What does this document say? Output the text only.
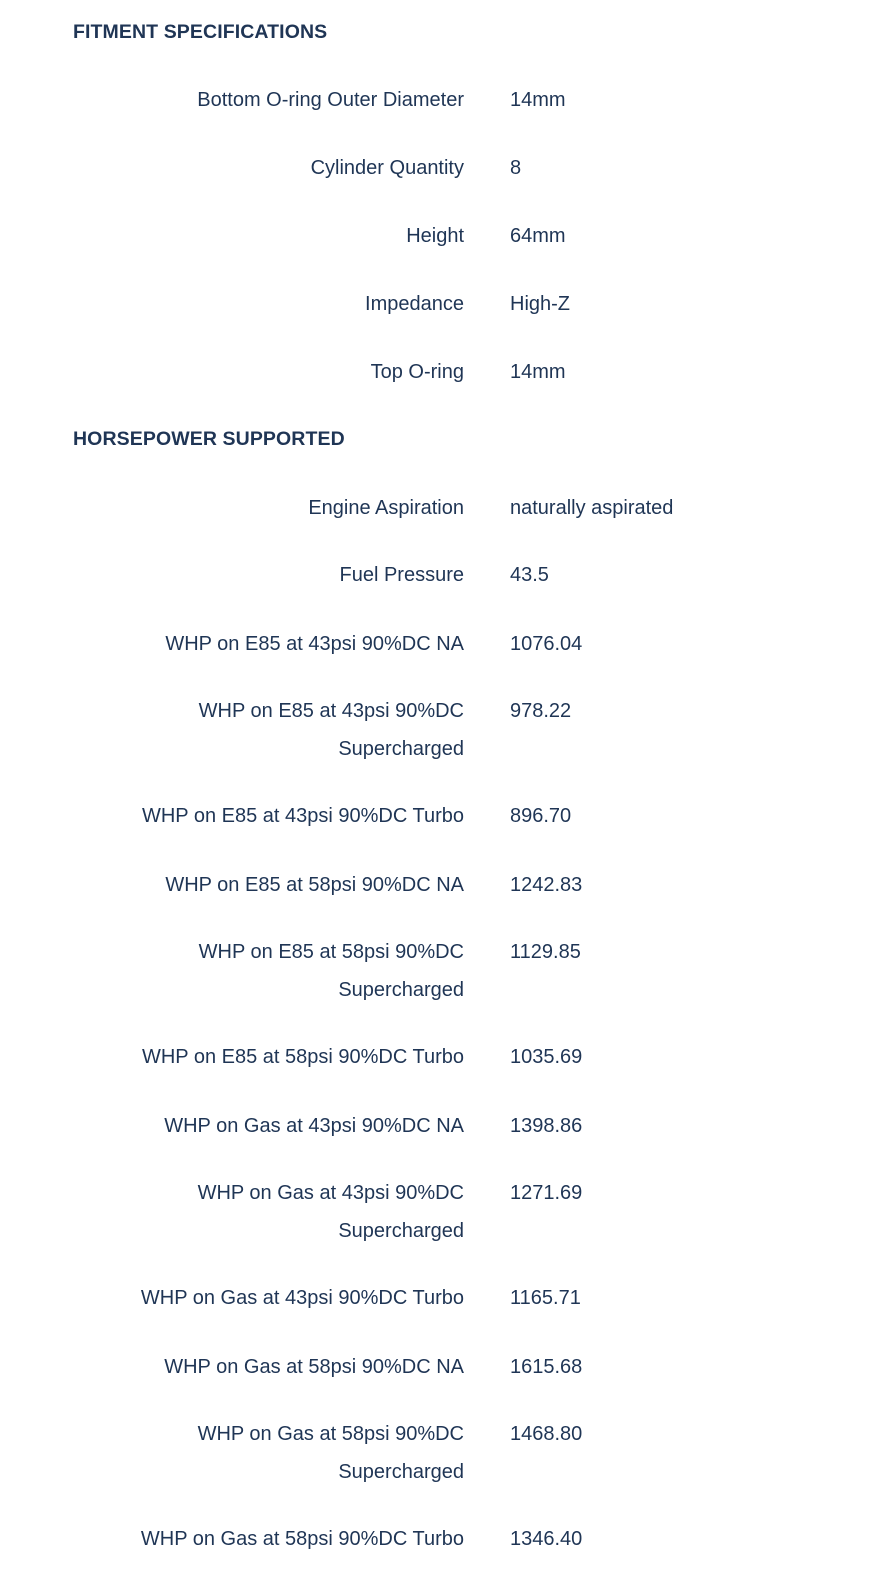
FITMENT SPECIFICATIONS
Bottom O-ring Outer Diameter 14mm
Cylinder Quantity 8
Height 64mm
Impedance High-Z
Top O-ring 14mm
HORSEPOWER SUPPORTED
Engine Aspiration naturally aspirated
Fuel Pressure 43.5
WHP on E85 at 43psi 90%DC NA 1076.04
WHP on E85 at 43psi 90%DC Supercharged
978.22
WHP on E85 at 43psi 90%DC Turbo 896.70
WHP on E85 at 58psi 90%DC NA 1242.83
WHP on E85 at 58psi 90%DC Supercharged
1129.85
WHP on E85 at 58psi 90%DC Turbo 1035.69
WHP on Gas at 43psi 90%DC NA 1398.86
WHP on Gas at 43psi 90%DC Supercharged
1271.69
WHP on Gas at 43psi 90%DC Turbo 1165.71
WHP on Gas at 58psi 90%DC NA 1615.68
WHP on Gas at 58psi 90%DC Supercharged
1468.80
WHP on Gas at 58psi 90%DC Turbo 1346.40
